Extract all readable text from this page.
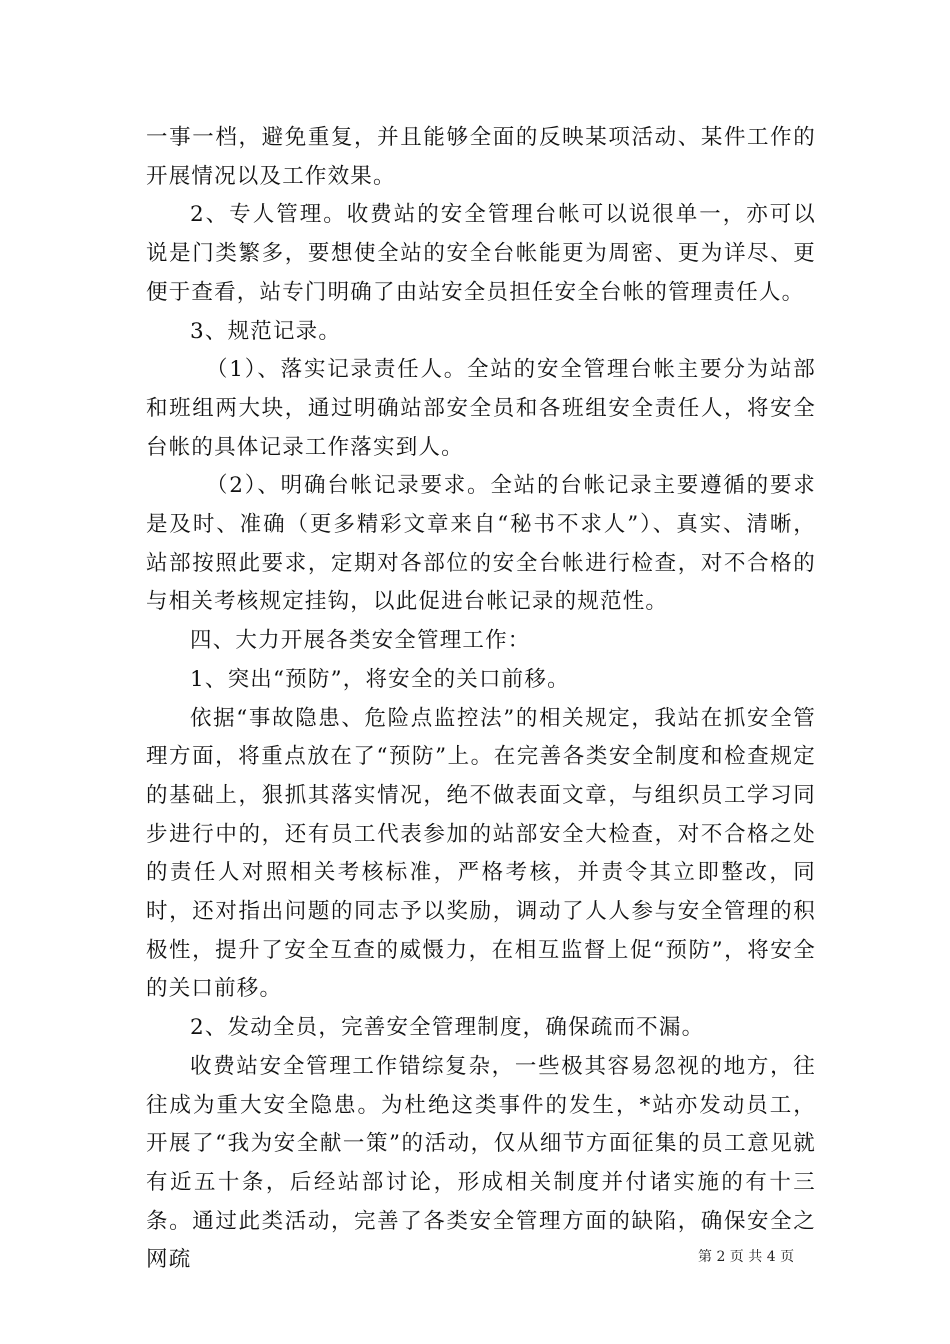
一事一档，避免重复，并且能够全面的反映某项活动、某件工作的开展情况以及工作效果。

2、专人管理。收费站的安全管理台帐可以说很单一，亦可以说是门类繁多，要想使全站的安全台帐能更为周密、更为详尽、更便于查看，站专门明确了由站安全员担任安全台帐的管理责任人。

3、规范记录。

（1）、落实记录责任人。全站的安全管理台帐主要分为站部和班组两大块，通过明确站部安全员和各班组安全责任人，将安全台帐的具体记录工作落实到人。

（2）、明确台帐记录要求。全站的台帐记录主要遵循的要求是及时、准确（更多精彩文章来自“秘书不求人”）、真实、清晰，站部按照此要求，定期对各部位的安全台帐进行检查，对不合格的与相关考核规定挂钩，以此促进台帐记录的规范性。

四、大力开展各类安全管理工作：

1、突出“预防”，将安全的关口前移。

依据“事故隐患、危险点监控法”的相关规定，我站在抓安全管理方面，将重点放在了“预防”上。在完善各类安全制度和检查规定的基础上，狠抓其落实情况，绝不做表面文章，与组织员工学习同步进行中的，还有员工代表参加的站部安全大检查，对不合格之处的责任人对照相关考核标准，严格考核，并责令其立即整改，同时，还对指出问题的同志予以奖励，调动了人人参与安全管理的积极性，提升了安全互查的威慑力，在相互监督上促“预防”，将安全的关口前移。

2、发动全员，完善安全管理制度，确保疏而不漏。

收费站安全管理工作错综复杂，一些极其容易忽视的地方，往往成为重大安全隐患。为杜绝这类事件的发生，*站亦发动员工，开展了“我为安全献一策”的活动，仅从细节方面征集的员工意见就有近五十条，后经站部讨论，形成相关制度并付诸实施的有十三条。通过此类活动，完善了各类安全管理方面的缺陷，确保安全之网疏	第 2 页 共 4 页
